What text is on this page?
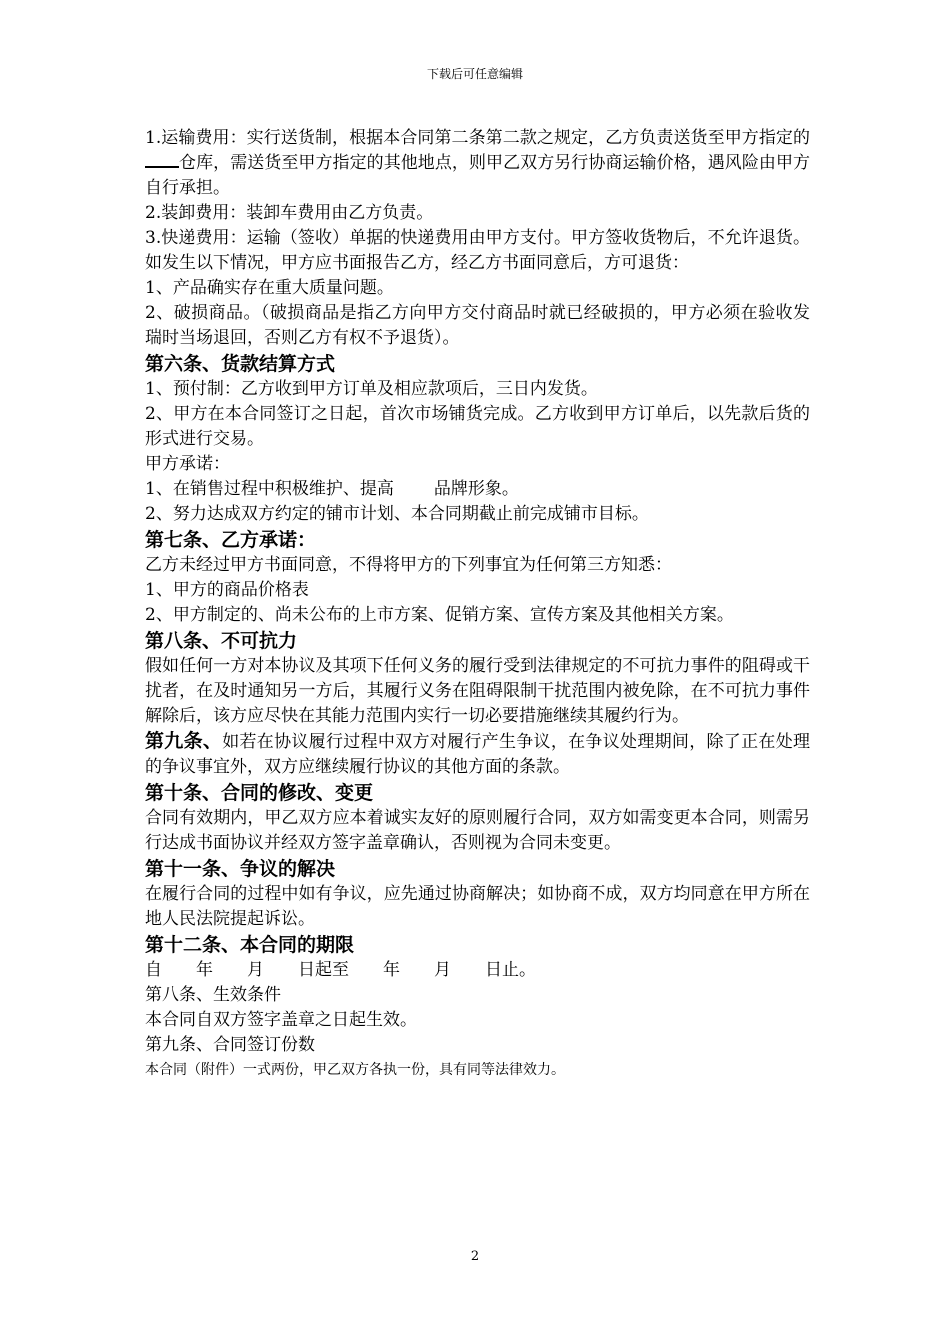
下载后可任意编辑

1.运输费用：实行送货制，根据本合同第二条第二款之规定，乙方负责送货至甲方指定的仓库，需送货至甲方指定的其他地点，则甲乙双方另行协商运输价格，遇风险由甲方自行承担。

2.装卸费用：装卸车费用由乙方负责。

3.快递费用：运输（签收）单据的快递费用由甲方支付。甲方签收货物后，不允许退货。如发生以下情况，甲方应书面报告乙方，经乙方书面同意后，方可退货：

1、产品确实存在重大质量问题。

2、破损商品。（破损商品是指乙方向甲方交付商品时就已经破损的，甲方必须在验收发瑞时当场退回，否则乙方有权不予退货）。

第六条、货款结算方式

1、预付制：乙方收到甲方订单及相应款项后，三日内发货。

2、甲方在本合同签订之日起，首次市场铺货完成。乙方收到甲方订单后，以先款后货的形式进行交易。

甲方承诺：

1、在销售过程中积极维护、提高 品牌形象。

2、努力达成双方约定的铺市计划、本合同期截止前完成铺市目标。

第七条、乙方承诺：

乙方未经过甲方书面同意，不得将甲方的下列事宜为任何第三方知悉：

1、甲方的商品价格表

2、甲方制定的、尚未公布的上市方案、促销方案、宣传方案及其他相关方案。

第八条、不可抗力

假如任何一方对本协议及其项下任何义务的履行受到法律规定的不可抗力事件的阻碍或干扰者，在及时通知另一方后，其履行义务在阻碍限制干扰范围内被免除，在不可抗力事件解除后，该方应尽快在其能力范围内实行一切必要措施继续其履约行为。

第九条、如若在协议履行过程中双方对履行产生争议，在争议处理期间，除了正在处理的争议事宜外，双方应继续履行协议的其他方面的条款。

第十条、合同的修改、变更

合同有效期内，甲乙双方应本着诚实友好的原则履行合同，双方如需变更本合同，则需另行达成书面协议并经双方签字盖章确认，否则视为合同未变更。

第十一条、争议的解决

在履行合同的过程中如有争议，应先通过协商解决；如协商不成，双方均同意在甲方所在地人民法院提起诉讼。

第十二条、本合同的期限

自 年 月 日起至 年 月 日止。

第八条、生效条件

本合同自双方签字盖章之日起生效。

第九条、合同签订份数

本合同（附件）一式两份，甲乙双方各执一份，具有同等法律效力。

2
